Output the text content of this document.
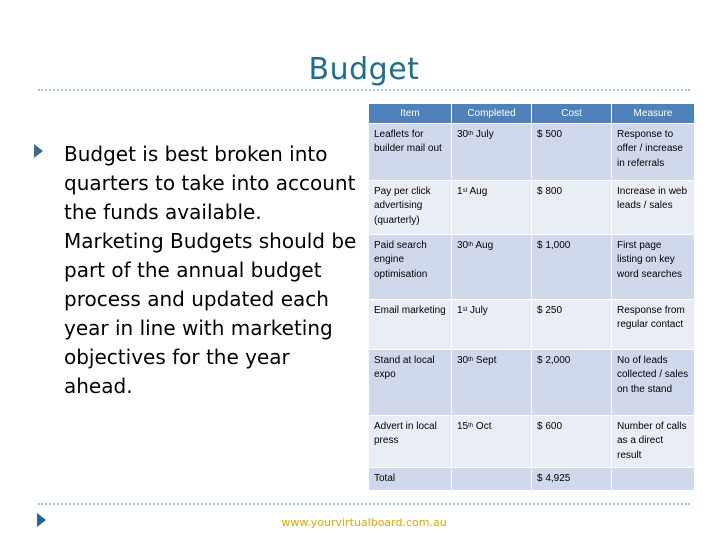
Budget
Budget is best broken into quarters to take into account the funds available. Marketing Budgets should be part of the annual budget process and updated each year in line with marketing objectives for the year ahead.
Item	Completed	Cost	Measure
Leaflets for builder mail out	30th July	$ 500	Response to offer / increase in referrals
Pay per click advertising (quarterly)	1st Aug	$ 800	Increase in web leads / sales
Paid search engine optimisation	30th Aug	$ 1,000	First page listing on key word searches
Email marketing	1st July	$ 250	Response from regular contact
Stand at local expo	30th Sept	$ 2,000	No of leads collected / sales on the stand
Advert in local press	15th Oct	$ 600	Number of calls as a direct result
Total		$ 4,925	
www.yourvirtualboard.com.au
